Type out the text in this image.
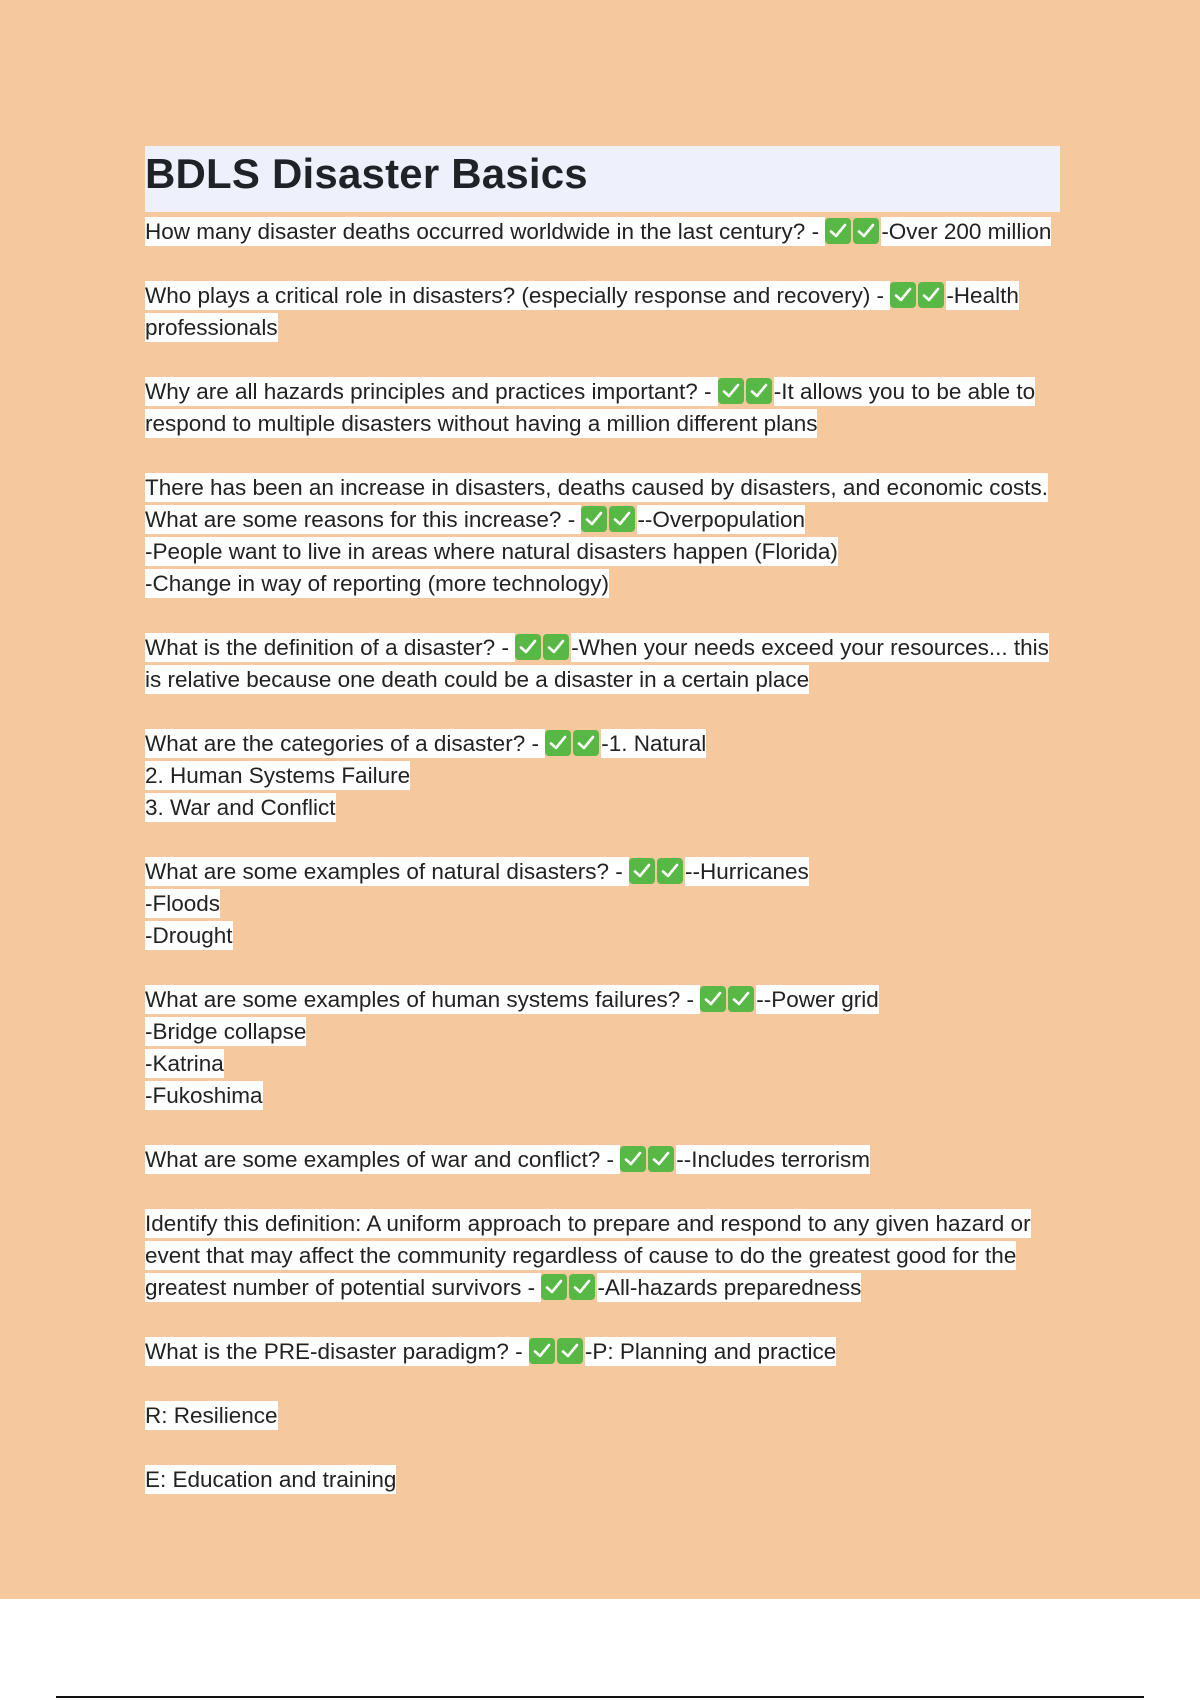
BDLS Disaster Basics
How many disaster deaths occurred worldwide in the last century? -
-Over 200 million
Who plays a critical role in disasters? (especially response and recovery) -
-Health professionals
Why are all hazards principles and practices important? -
-It allows you to be able to respond to multiple disasters without having a million different plans
There has been an increase in disasters, deaths caused by disasters, and economic costs. What are some reasons for this increase? -
--Overpopulation
-People want to live in areas where natural disasters happen (Florida)
-Change in way of reporting (more technology)
What is the definition of a disaster? -
-When your needs exceed your resources... this is relative because one death could be a disaster in a certain place
What are the categories of a disaster? -
-1. Natural
2. Human Systems Failure
3. War and Conflict
What are some examples of natural disasters? -
--Hurricanes
-Floods
-Drought
What are some examples of human systems failures? -
--Power grid
-Bridge collapse
-Katrina
-Fukoshima
What are some examples of war and conflict? -
--Includes terrorism
Identify this definition: A uniform approach to prepare and respond to any given hazard or event that may affect the community regardless of cause to do the greatest good for the greatest number of potential survivors -
-All-hazards preparedness
What is the PRE-disaster paradigm? -
-P: Planning and practice
R: Resilience
E: Education and training
